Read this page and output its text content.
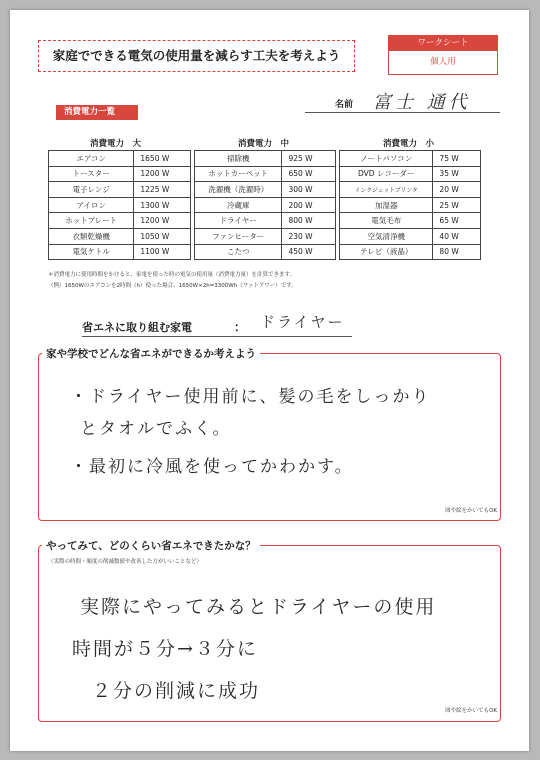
家庭でできる電気の使用量を減らす工夫を考えよう
ワークシート
個人用
名前 富士 通代
消費電力一覧
消費電力　大	消費電力　中	消費電力　小
エアコン	1650 W
トースター	1200 W
電子レンジ	1225 W
アイロン	1300 W
ホットプレート	1200 W
衣類乾燥機	1050 W
電気ケトル	1100 W
掃除機	925 W
ホットカーペット	650 W
洗濯機（洗濯時）	300 W
冷蔵庫	200 W
ドライヤー	800 W
ファンヒーター	230 W
こたつ	450 W
ノートパソコン	75 W
DVD レコーダー	35 W
インクジェットプリンタ	20 W
加湿器	25 W
電気毛布	65 W
空気清浄機	40 W
テレビ（液晶）	80 W
＊消費電力に使用時間をかけると、家電を使った時の電気の使用量（消費電力量）を計算できます。
（例）1650Wのエアコンを2時間（h）使った場合、1650W×2h=3300Wh（ワットアワー）です。
省エネに取り組む家電	： ドライヤー
家や学校でどんな省エネができるか考えよう
・ドライヤー使用前に、髪の毛をしっかり
とタオルでふく。
・最初に冷風を使ってかわかす。
図や絵をかいてもOK
やってみて、どのくらい省エネできたかな？
（実際の時間・頻度の削減数値や改善した方がいいことなど）
実際にやってみるとドライヤーの使用
時間が５分→３分に
２分の削減に成功
図や絵をかいてもOK
